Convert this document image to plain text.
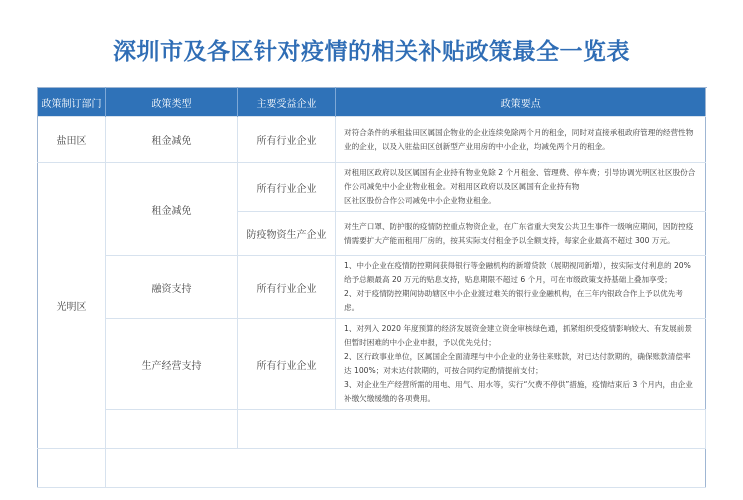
深圳市及各区针对疫情的相关补贴政策最全一览表
政策制订部门	政策类型	主要受益企业	政策要点
盐田区	租金减免	所有行业企业	对符合条件的承租盐田区属国企物业的企业连续免除两个月的租金，同时对直接承租政府管理的经营性物业的企业，以及入驻盐田区创新型产业用房的中小企业，均减免两个月的租金。

光明区	租金减免	所有行业企业	对租用区政府以及区属国有企业持有物业免除 2 个月租金、管理费、停车费；引导协调光明区社区股份合作公司减免中小企业物业租金。对租用区政府以及区属国有企业持有物
区社区股份合作公司减免中小企业物业租金。

		防疫物资生产企业	对生产口罩、防护服的疫情防控重点物资企业，在广东省重大突发公共卫生事件一级响应期间，因防控疫情需要扩大产能而租用厂房的，按其实际支付租金予以全额支持，每家企业最高不超过 300 万元。

	融资支持	所有行业企业	1、中小企业在疫情防控期间获得银行等金融机构的新增贷款（展期视同新增），按实际支付利息的 20% 给予总额最高 20 万元的贴息支持，贴息期限不超过 6 个月，可在市级政策支持基础上叠加享受；
2、对于疫情防控期间协助辖区中小企业渡过难关的银行业金融机构，在三年内银政合作上予以优先考虑。

	生产经营支持	所有行业企业	1、对列入 2020 年度预算的经济发展资金建立资金审核绿色通，抓紧组织受疫情影响较大、有发展前景但暂时困难的中小企业申报，予以优先兑付；
2、区行政事业单位，区属国企全面清理与中小企业的业务往来账款，对已达付款期的，确保账款清偿率达 100%；对未达付款期的，可按合同约定酌情提前支付；
3、对企业生产经营所需的用电、用气、用水等，实行“欠费不停供”措施，疫情结束后 3 个月内，由企业补缴欠缴缓缴的各项费用。
